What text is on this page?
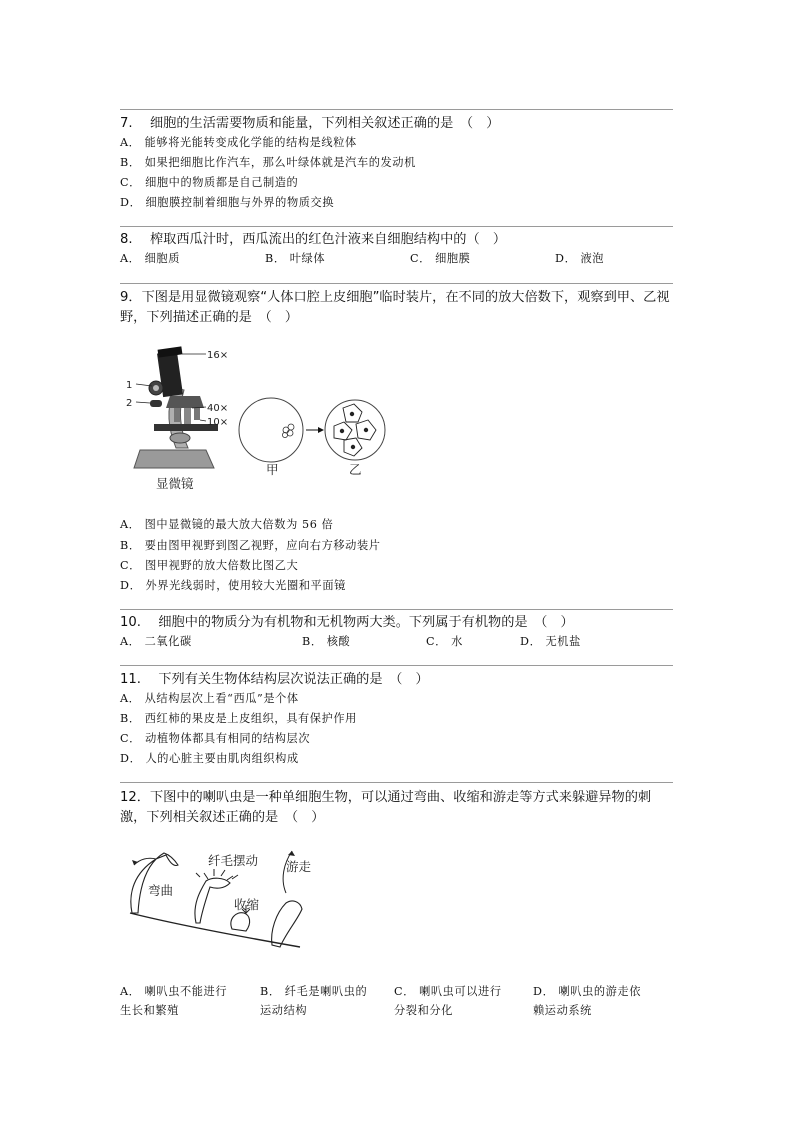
7.　 细胞的生活需要物质和能量，下列相关叙述正确的是　（　）
A． 能够将光能转变成化学能的结构是线粒体
B． 如果把细胞比作汽车，那么叶绿体就是汽车的发动机
C． 细胞中的物质都是自己制造的
D． 细胞膜控制着细胞与外界的物质交换
8.　 榨取西瓜汁时，西瓜流出的红色汁液来自细胞结构中的（　）
A． 细胞质	B． 叶绿体	C． 细胞膜	D． 液泡
9．下图是用显微镜观察“人体口腔上皮细胞”临时装片，在不同的放大倍数下，观察到甲、乙视野，下列描述正确的是　（　）
16×
40×
10×
1
2
显微镜
甲	乙
A． 图中显微镜的最大放大倍数为 56 倍
B． 要由图甲视野到图乙视野，应向右方移动装片
C． 图甲视野的放大倍数比图乙大
D． 外界光线弱时，使用较大光圈和平面镜
10.　 细胞中的物质分为有机物和无机物两大类。下列属于有机物的是　（　）
A． 二氧化碳	B． 核酸	C． 水	D． 无机盐
11.　 下列有关生物体结构层次说法正确的是　（　）
A． 从结构层次上看“西瓜”是个体
B． 西红柿的果皮是上皮组织，具有保护作用
C． 动植物体都具有相同的结构层次
D． 人的心脏主要由肌肉组织构成
12．下图中的喇叭虫是一种单细胞生物，可以通过弯曲、收缩和游走等方式来躲避异物的刺激，下列相关叙述正确的是　（　）
弯曲
纤毛摆动
收缩
游走
A． 喇叭虫不能进行
生长和繁殖
B． 纤毛是喇叭虫的
运动结构
C． 喇叭虫可以进行
分裂和分化
D． 喇叭虫的游走依
赖运动系统
